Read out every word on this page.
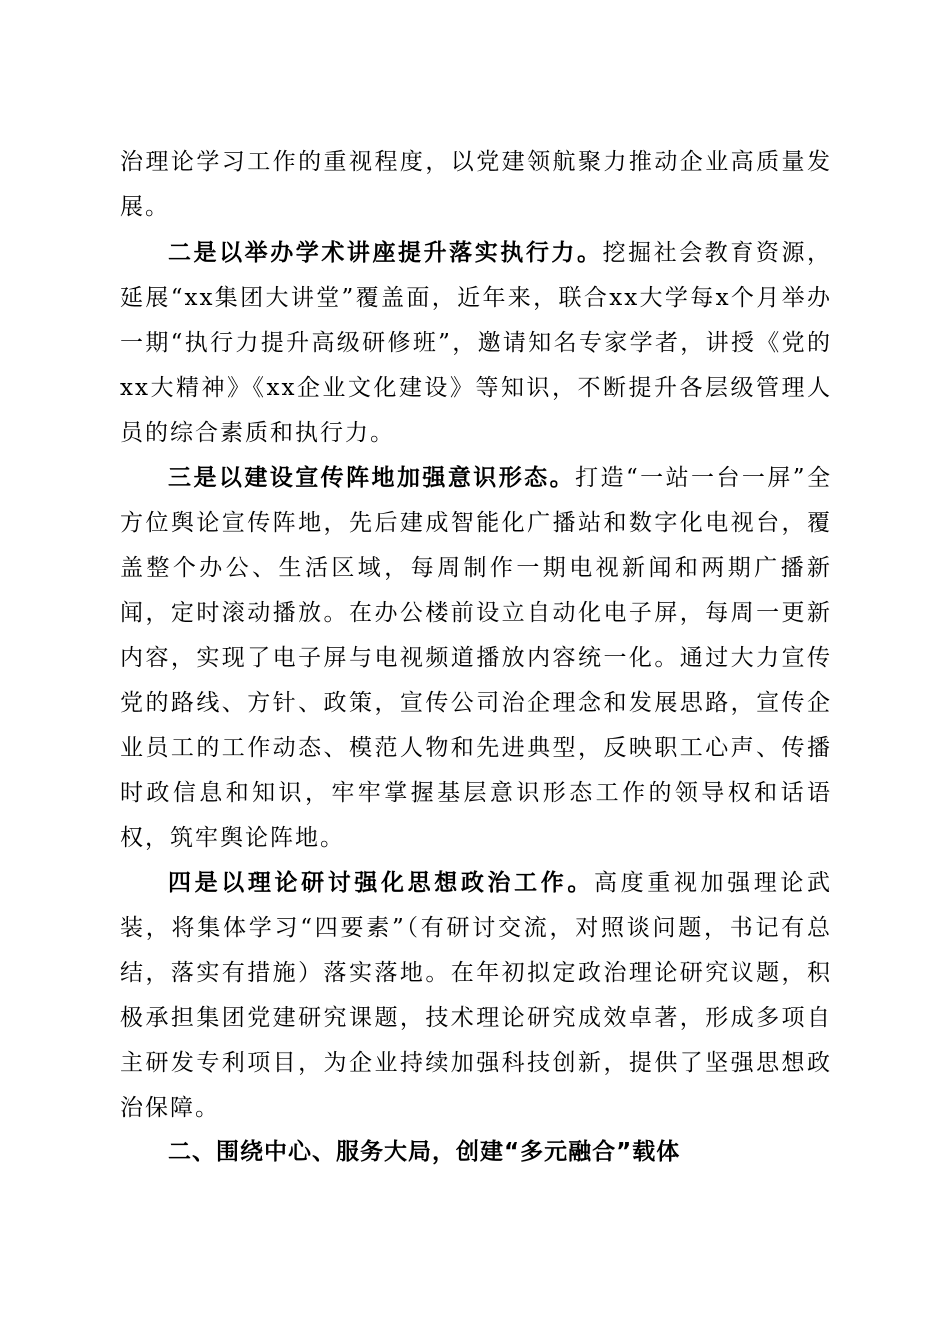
治理论学习工作的重视程度，以党建领航聚力推动企业高质量发展。

二是以举办学术讲座提升落实执行力。挖掘社会教育资源，延展“xx集团大讲堂”覆盖面，近年来，联合xx大学每x个月举办一期“执行力提升高级研修班”，邀请知名专家学者，讲授《党的xx大精神》《xx企业文化建设》等知识，不断提升各层级管理人员的综合素质和执行力。

三是以建设宣传阵地加强意识形态。打造“一站一台一屏”全方位舆论宣传阵地，先后建成智能化广播站和数字化电视台，覆盖整个办公、生活区域，每周制作一期电视新闻和两期广播新闻，定时滚动播放。在办公楼前设立自动化电子屏，每周一更新内容，实现了电子屏与电视频道播放内容统一化。通过大力宣传党的路线、方针、政策，宣传公司治企理念和发展思路，宣传企业员工的工作动态、模范人物和先进典型，反映职工心声、传播时政信息和知识，牢牢掌握基层意识形态工作的领导权和话语权，筑牢舆论阵地。

四是以理论研讨强化思想政治工作。高度重视加强理论武装，将集体学习“四要素”（有研讨交流，对照谈问题，书记有总结，落实有措施）落实落地。在年初拟定政治理论研究议题，积极承担集团党建研究课题，技术理论研究成效卓著，形成多项自主研发专利项目，为企业持续加强科技创新，提供了坚强思想政治保障。

二、围绕中心、服务大局，创建“多元融合”载体
